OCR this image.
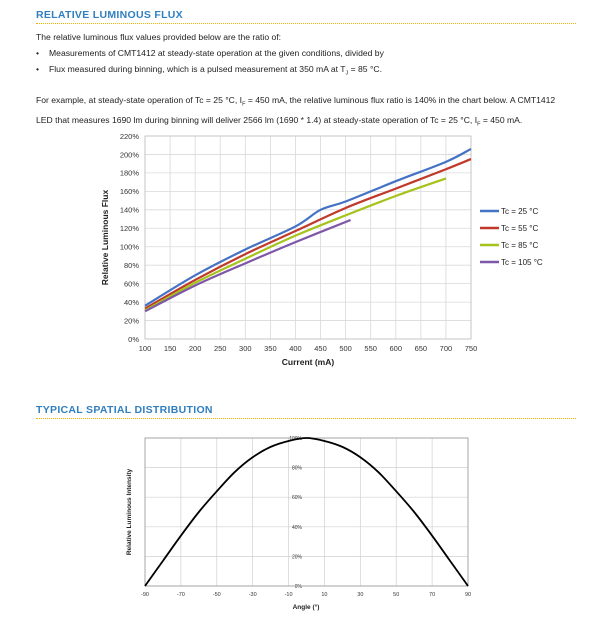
RELATIVE LUMINOUS FLUX
The relative luminous flux values provided below are the ratio of:
• Measurements of CMT1412 at steady-state operation at the given conditions, divided by
• Flux measured during binning, which is a pulsed measurement at 350 mA at $T_J = 85$ °C.
For example, at steady-state operation of Tc = 25 °C, $I_F = 450$ mA, the relative luminous flux ratio is 140% in the chart below. A CMT1412
LED that measures 1690 lm during binning will deliver 2566 lm (1690 * 1.4) at steady-state operation of Tc = 25 °C, $I_F = 450$ mA.
0%
20%
40%
60%
80%
100%
120%
140%
160%
180%
200%
220%
100 150 200 250 300 350 400 450 500 550 600 650 700 750
Current (mA)
Relative Luminous Flux	Tc = 25 °C
Tc = 55 °C
Tc = 85 °C
Tc = 105 °C
TYPICAL SPATIAL DISTRIBUTION
0%
20%
40%
60%
80%
100%
-90	-70	-50	-30	-10	10	30	50	70	90
Angle (°)
Relative Luminous Intensity
